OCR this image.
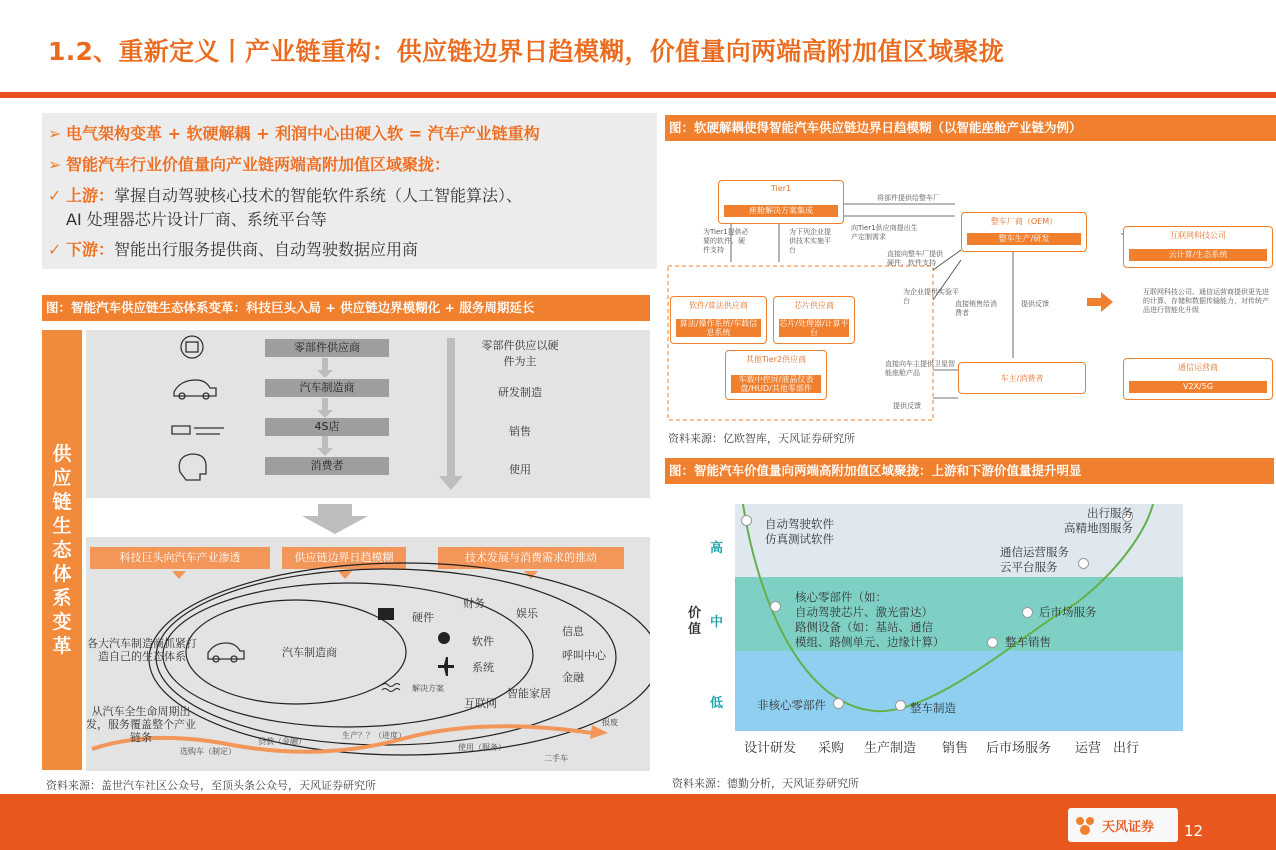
1.2、重新定义丨产业链重构：供应链边界日趋模糊，价值量向两端高附加值区域聚拢
➢ 电气架构变革 + 软硬解耦 + 利润中心由硬入软 = 汽车产业链重构
➢ 智能汽车行业价值量向产业链两端高附加值区域聚拢：
✓ 上游：掌握自动驾驶核心技术的智能软件系统（人工智能算法）、
AI 处理器芯片设计厂商、系统平台等
✓ 下游：智能出行服务提供商、自动驾驶数据应用商
图：智能汽车供应链生态体系变革：科技巨头入局 + 供应链边界模糊化 + 服务周期延长
供
应
链
生
态
体
系
变
革
零部件供应商
汽车制造商
4S店
消费者
零部件供应以硬件为主
研发制造
销售
使用
科技巨头向汽车产业渗透	供应链边界日趋模糊	技术发展与消费需求的推动
各大汽车制造商抓紧打造自己的生态体系	汽车制造商
硬件
软件
系统
解决方案
财务
娱乐
信息
呼叫中心
金融
智能家居
互联网
从汽车全生命周期出发，服务覆盖整个产业链条
选购车（制定）
贷款（金融）
生产？？（进度）
使用（服务）
二手车
报废
资料来源：盖世汽车社区公众号，至顶头条公众号，天风证券研究所
图：软硬解耦使得智能汽车供应链边界日趋模糊（以智能座舱产业链为例）
Tier1
座舱解决方案集成
整车厂商（OEM）
整车生产/研发	互联网科技公司
云计算/生态系统
软件/算法供应商
算法/操作系统/车载信息系统
芯片供应商
芯片/处理器/计算平台
其他Tier2供应商
车载中控屏/液晶仪表盘/HUD/其他零部件
车主/消费者
通信运营商
V2X/5G
将部件提供给整车厂
为Tier1提供必要的软件、硬件支持
为下列企业提供技术实施平台
向Tier1供应商提出生产定制需求
直接向整车厂提供硬件、软件支持
为企业提供实验平台	直接销售给消费者
提供反馈
直接向车主提供卫星智能座舱产品
提供反馈
互联网科技公司、通信运营商提供更先进的计算、存储和数据传输能力，对传统产品进行智能化升级
资料来源：亿欧智库，天风证券研究所
图：智能汽车价值量向两端高附加值区域聚拢：上游和下游价值量提升明显
高
中
低
价值
自动驾驶软件
仿真测试软件
核心零部件（如：
自动驾驶芯片、激光雷达）
路侧设备（如：基站、通信
模组、路侧单元、边缘计算）
非核心零部件	整车制造
整车销售
后市场服务
通信运营服务
云平台服务
出行服务
高精地图服务
设计研发 采购 生产制造 销售 后市场服务 运营 出行
资料来源：德勤分析，天风证券研究所
天风证券 12
